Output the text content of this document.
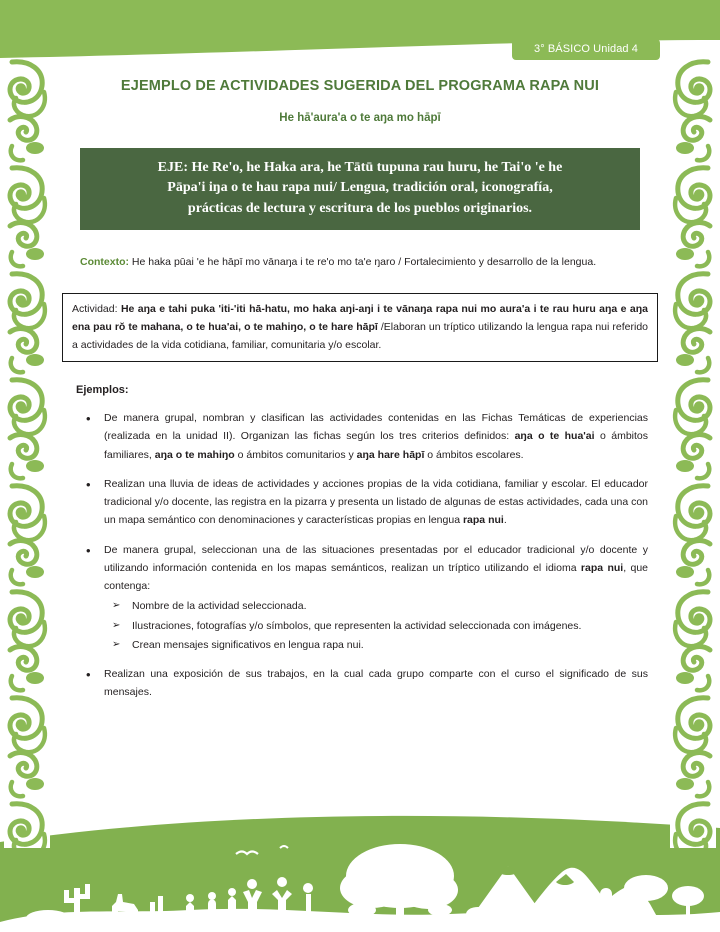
3° BÁSICO Unidad 4
EJEMPLO DE ACTIVIDADES SUGERIDA DEL PROGRAMA RAPA NUI
He hā'aura'a o te aŋa mo hāpī
EJE: He Re'o, he Haka ara, he Tātū tupuna rau huru, he Tai'o 'e he
Pāpa'i iŋa o te hau rapa nui/ Lengua, tradición oral, iconografía,
prácticas de lectura y escritura de los pueblos originarios.
Contexto: He haka pūai 'e he hāpī mo vānaŋa i te re'o mo ta'e ŋaro / Fortalecimiento y desarrollo de la lengua.
Actividad: He aŋa e tahi puka 'iti-'iti hā-hatu, mo haka aŋi-aŋi i te vānaŋa rapa nui mo aura'a i te rau huru aŋa e aŋa ena pau rŏ te mahana, o te hua'ai, o te mahiŋo, o te hare hāpī /Elaboran un tríptico utilizando la lengua rapa nui referido a actividades de la vida cotidiana, familiar, comunitaria y/o escolar.
Ejemplos:
• De manera grupal, nombran y clasifican las actividades contenidas en las Fichas Temáticas de experiencias (realizada en la unidad II). Organizan las fichas según los tres criterios definidos: aŋa o te hua'ai o ámbitos familiares, aŋa o te mahiŋo o ámbitos comunitarios y aŋa hare hāpī o ámbitos escolares.
• Realizan una lluvia de ideas de actividades y acciones propias de la vida cotidiana, familiar y escolar. El educador tradicional y/o docente, las registra en la pizarra y presenta un listado de algunas de estas actividades, cada una con un mapa semántico con denominaciones y características propias en lengua rapa nui.
• De manera grupal, seleccionan una de las situaciones presentadas por el educador tradicional y/o docente y utilizando información contenida en los mapas semánticos, realizan un tríptico utilizando el idioma rapa nui, que contenga:
➢ Nombre de la actividad seleccionada.
➢ Ilustraciones, fotografías y/o símbolos, que representen la actividad seleccionada con imágenes.
➢ Crean mensajes significativos en lengua rapa nui.
• Realizan una exposición de sus trabajos, en la cual cada grupo comparte con el curso el significado de sus mensajes.
